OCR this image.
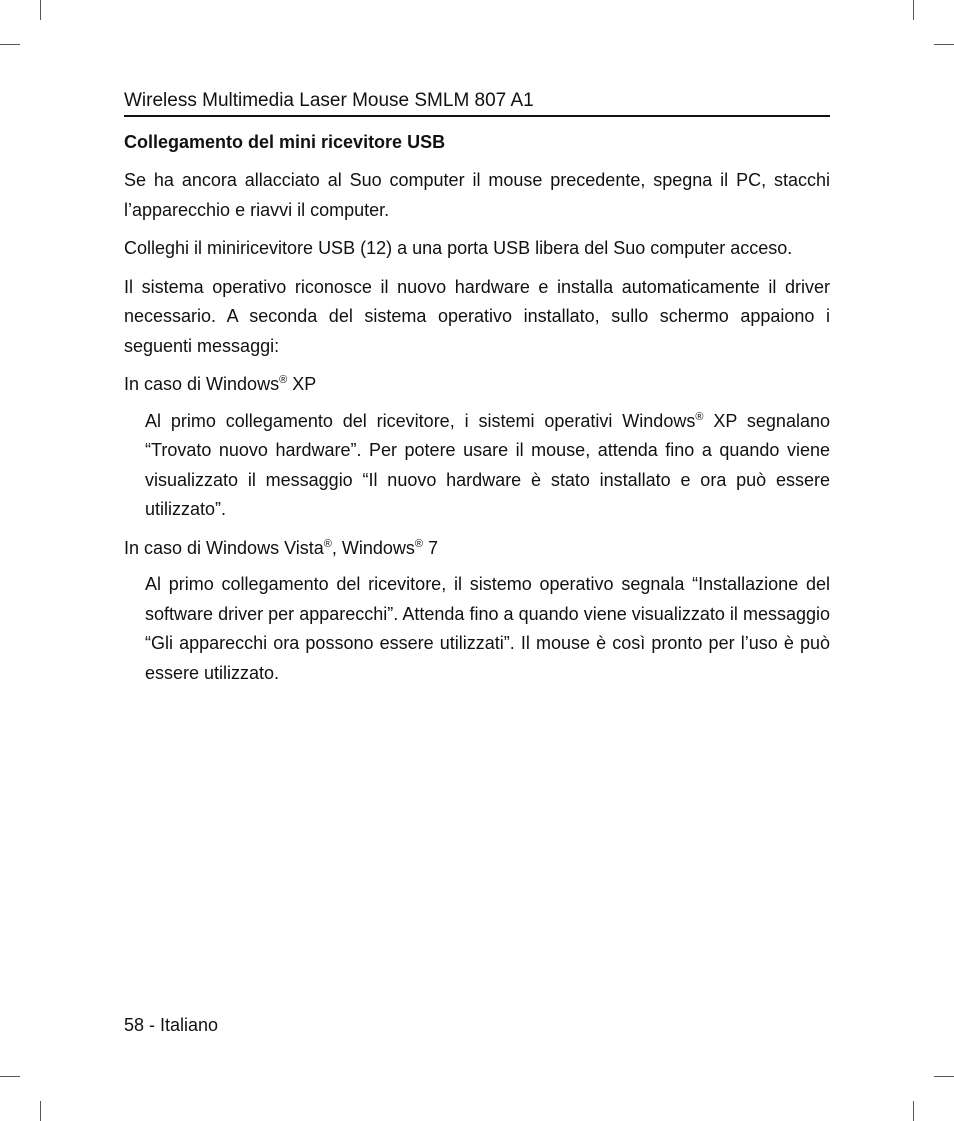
Wireless Multimedia Laser Mouse SMLM 807 A1
Collegamento del mini ricevitore USB

Se ha ancora allacciato al Suo computer il mouse precedente, spegna il PC, stacchi l’apparecchio e riavvi il computer.

Colleghi il miniricevitore USB (12) a una porta USB libera del Suo computer acceso.

Il sistema operativo riconosce il nuovo hardware e installa automaticamente il driver necessario. A seconda del sistema operativo installato, sullo schermo appaiono i seguenti messaggi:

In caso di Windows® XP

Al primo collegamento del ricevitore, i sistemi operativi Windows® XP segnalano “Trovato nuovo hardware”. Per potere usare il mouse, attenda fino a quando viene visualizzato il messaggio “Il nuovo hardware è stato installato e ora può essere utilizzato”.

In caso di Windows Vista®, Windows® 7

Al primo collegamento del ricevitore, il sistemo operativo segnala “Installazione del software driver per apparecchi”. Attenda fino a quando viene visualizzato il messaggio “Gli apparecchi ora possono essere utilizzati”. Il mouse è così pronto per l’uso è può essere utilizzato.

58 - Italiano
